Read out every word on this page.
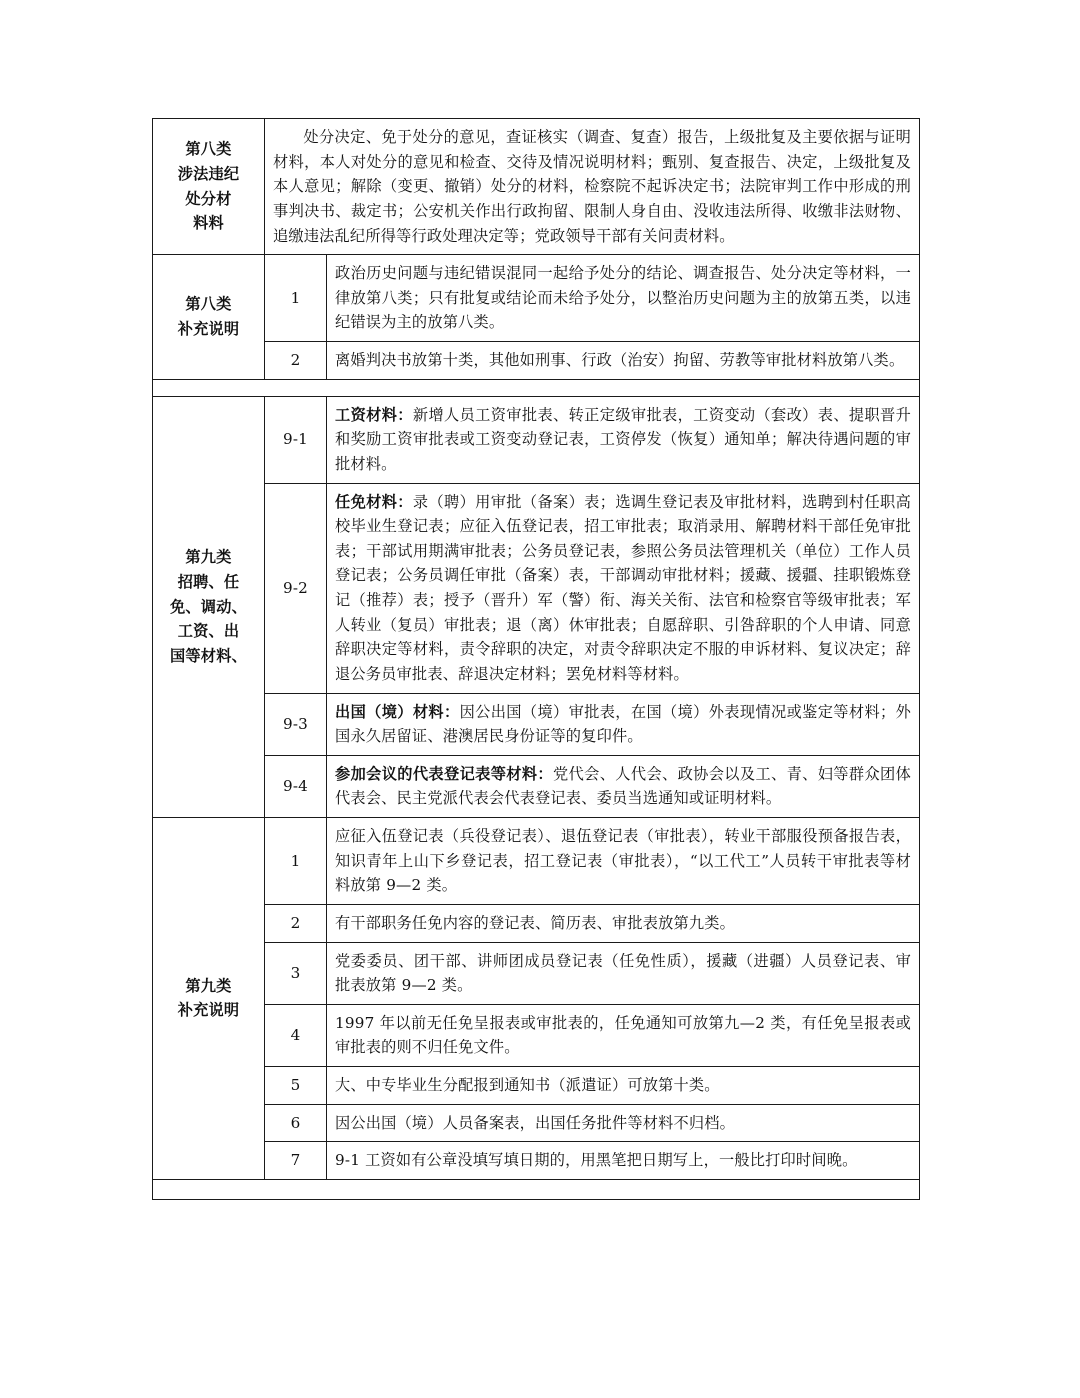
第八类
涉法违纪
处分材
料料	处分决定、免于处分的意见，查证核实（调查、复查）报告，上级批复及主要依据与证明材料，本人对处分的意见和检查、交待及情况说明材料；甄别、复查报告、决定，上级批复及本人意见；解除（变更、撤销）处分的材料，检察院不起诉决定书；法院审判工作中形成的刑事判决书、裁定书；公安机关作出行政拘留、限制人身自由、没收违法所得、收缴非法财物、追缴违法乱纪所得等行政处理决定等；党政领导干部有关问责材料。	

第八类
补充说明	1	政治历史问题与违纪错误混同一起给予处分的结论、调查报告、处分决定等材料，一律放第八类；只有批复或结论而未给予处分，以整治历史问题为主的放第五类，以违纪错误为主的放第八类。
	2	离婚判决书放第十类，其他如刑事、行政（治安）拘留、劳教等审批材料放第八类。
第九类
招聘、任
免、调动、
工资、出
国等材料、	9-1	工资材料：新增人员工资审批表、转正定级审批表，工资变动（套改）表、提职晋升和奖励工资审批表或工资变动登记表，工资停发（恢复）通知单；解决待遇问题的审批材料。
	9-2	任免材料：录（聘）用审批（备案）表；选调生登记表及审批材料，选聘到村任职高校毕业生登记表；应征入伍登记表，招工审批表；取消录用、解聘材料干部任免审批表；干部试用期满审批表；公务员登记表，参照公务员法管理机关（单位）工作人员登记表；公务员调任审批（备案）表，干部调动审批材料；援藏、援疆、挂职锻炼登记（推荐）表；授予（晋升）军（警）衔、海关关衔、法官和检察官等级审批表；军人转业（复员）审批表；退（离）休审批表；自愿辞职、引咎辞职的个人申请、同意辞职决定等材料，责令辞职的决定，对责令辞职决定不服的申诉材料、复议决定；辞退公务员审批表、辞退决定材料；罢免材料等材料。
	9-3	出国（境）材料：因公出国（境）审批表，在国（境）外表现情况或鉴定等材料；外国永久居留证、港澳居民身份证等的复印件。
	9-4	参加会议的代表登记表等材料：党代会、人代会、政协会以及工、青、妇等群众团体代表会、民主党派代表会代表登记表、委员当选通知或证明材料。

第九类
补充说明	1	应征入伍登记表（兵役登记表）、退伍登记表（审批表），转业干部服役预备报告表，知识青年上山下乡登记表，招工登记表（审批表），“以工代工”人员转干审批表等材料放第 9—2 类。
	2	有干部职务任免内容的登记表、简历表、审批表放第九类。
	3	党委委员、团干部、讲师团成员登记表（任免性质），援藏（进疆）人员登记表、审批表放第 9—2 类。
	4	1997 年以前无任免呈报表或审批表的，任免通知可放第九—2 类，有任免呈报表或审批表的则不归任免文件。
	5	大、中专毕业生分配报到通知书（派遣证）可放第十类。
	6	因公出国（境）人员备案表，出国任务批件等材料不归档。
	7	9-1 工资如有公章没填写填日期的，用黑笔把日期写上，一般比打印时间晚。
